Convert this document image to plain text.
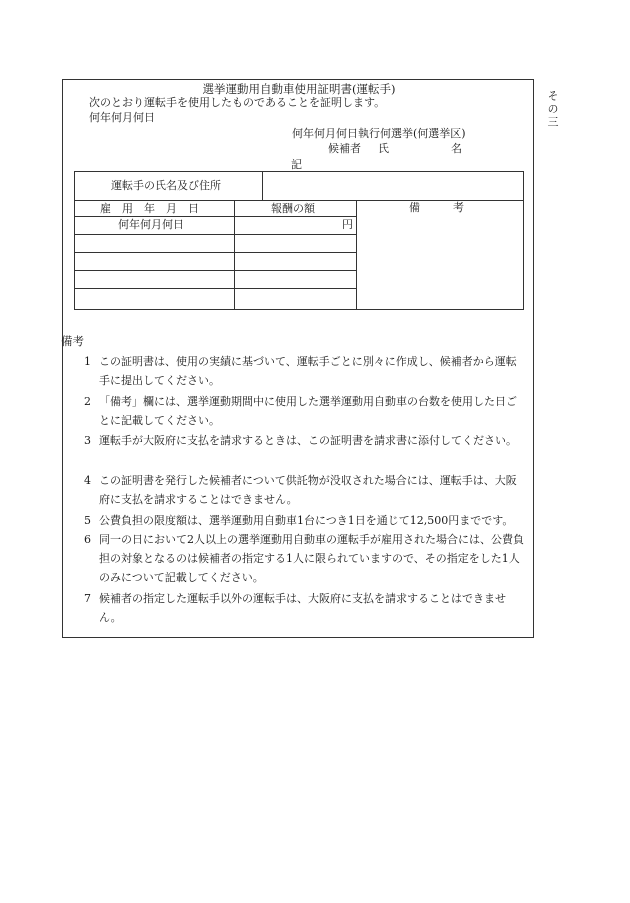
その三
選挙運動用自動車使用証明書(運転手)
次のとおり運転手を使用したものであることを証明します。
何年何月何日
何年何月何日執行何選挙(何選挙区)
候補者 氏	名
記
運転手の氏名及び住所
雇　用　年　月　日	報酬の額	備　　　考
何年何月何日	円
備考
1 この証明書は、使用の実績に基づいて、運転手ごとに別々に作成し、候補者から運転手に提出してください。
2 「備考」欄には、選挙運動期間中に使用した選挙運動用自動車の台数を使用した日ごとに記載してください。
3 運転手が大阪府に支払を請求するときは、この証明書を請求書に添付してください。
4 この証明書を発行した候補者について供託物が没収された場合には、運転手は、大阪府に支払を請求することはできません。
5 公費負担の限度額は、選挙運動用自動車1台につき1日を通じて12,500円までです。
6 同一の日において2人以上の選挙運動用自動車の運転手が雇用された場合には、公費負担の対象となるのは候補者の指定する1人に限られていますので、その指定をした1人のみについて記載してください。
7 候補者の指定した運転手以外の運転手は、大阪府に支払を請求することはできません。
